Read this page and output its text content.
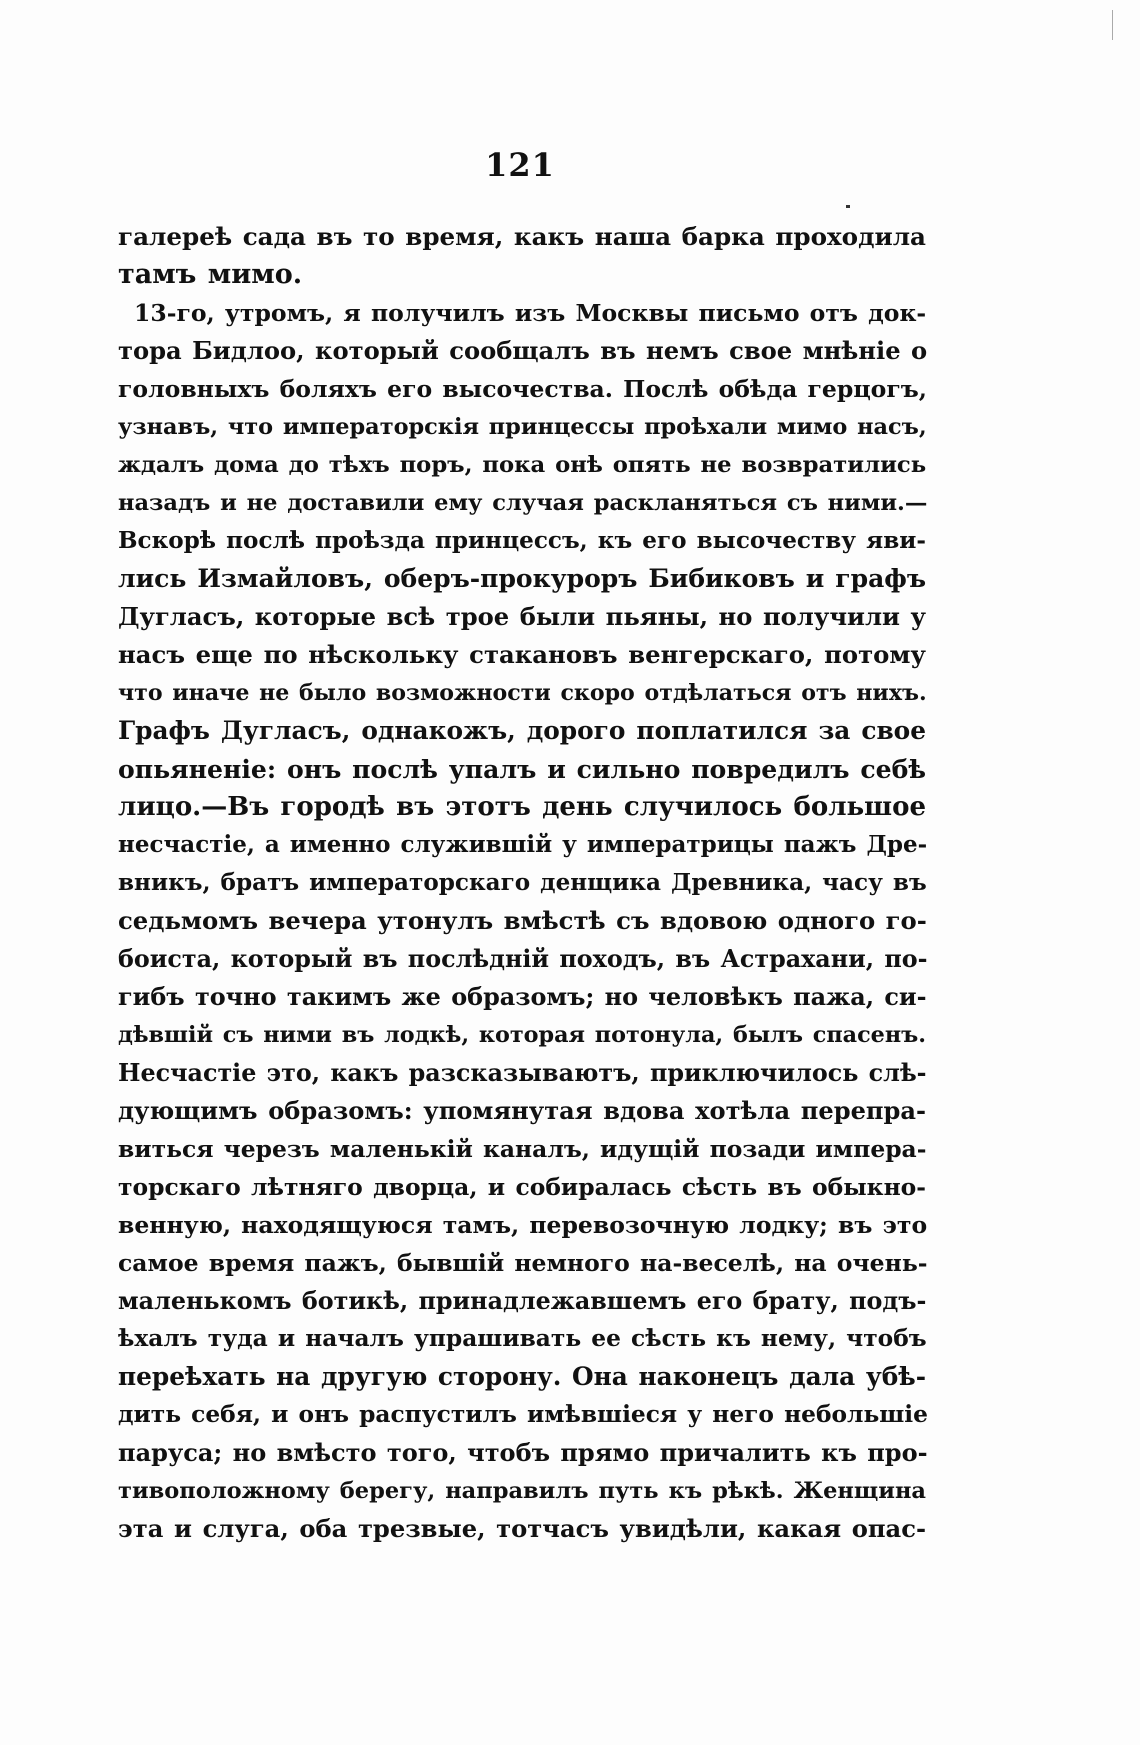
121
галереѣ сада въ то время, какъ наша барка проходила
тамъ мимо.
13-го, утромъ, я получилъ изъ Москвы письмо отъ док-
тора Бидлоо, который сообщалъ въ немъ свое мнѣніе о
головныхъ боляхъ его высочества. Послѣ обѣда герцогъ,
узнавъ, что императорскія принцессы проѣхали мимо насъ,
ждалъ дома до тѣхъ поръ, пока онѣ опять не возвратились
назадъ и не доставили ему случая раскланяться съ ними.—
Вскорѣ послѣ проѣзда принцессъ, къ его высочеству яви-
лись Измайловъ, оберъ-прокуроръ Бибиковъ и графъ
Дугласъ, которые всѣ трое были пьяны, но получили у
насъ еще по нѣскольку стакановъ венгерскаго, потому
что иначе не было возможности скоро отдѣлаться отъ нихъ.
Графъ Дугласъ, однакожъ, дорого поплатился за свое
опьяненіе: онъ послѣ упалъ и сильно повредилъ себѣ
лицо.—Въ городѣ въ этотъ день случилось большое
несчастіе, а именно служившій у императрицы пажъ Дре-
вникъ, братъ императорскаго денщика Древника, часу въ
седьмомъ вечера утонулъ вмѣстѣ съ вдовою одного го-
боиста, который въ послѣдній походъ, въ Астрахани, по-
гибъ точно такимъ же образомъ; но человѣкъ пажа, си-
дѣвшій съ ними въ лодкѣ, которая потонула, былъ спасенъ.
Несчастіе это, какъ разсказываютъ, приключилось слѣ-
дующимъ образомъ: упомянутая вдова хотѣла перепра-
виться черезъ маленькій каналъ, идущій позади импера-
торскаго лѣтняго дворца, и собиралась сѣсть въ обыкно-
венную, находящуюся тамъ, перевозочную лодку; въ это
самое время пажъ, бывшій немного на-веселѣ, на очень-
маленькомъ ботикѣ, принадлежавшемъ его брату, подъ-
ѣхалъ туда и началъ упрашивать ее сѣсть къ нему, чтобъ
переѣхать на другую сторону. Она наконецъ дала убѣ-
дить себя, и онъ распустилъ имѣвшіеся у него небольшіе
паруса; но вмѣсто того, чтобъ прямо причалить къ про-
тивоположному берегу, направилъ путь къ рѣкѣ. Женщина
эта и слуга, оба трезвые, тотчасъ увидѣли, какая опас-
